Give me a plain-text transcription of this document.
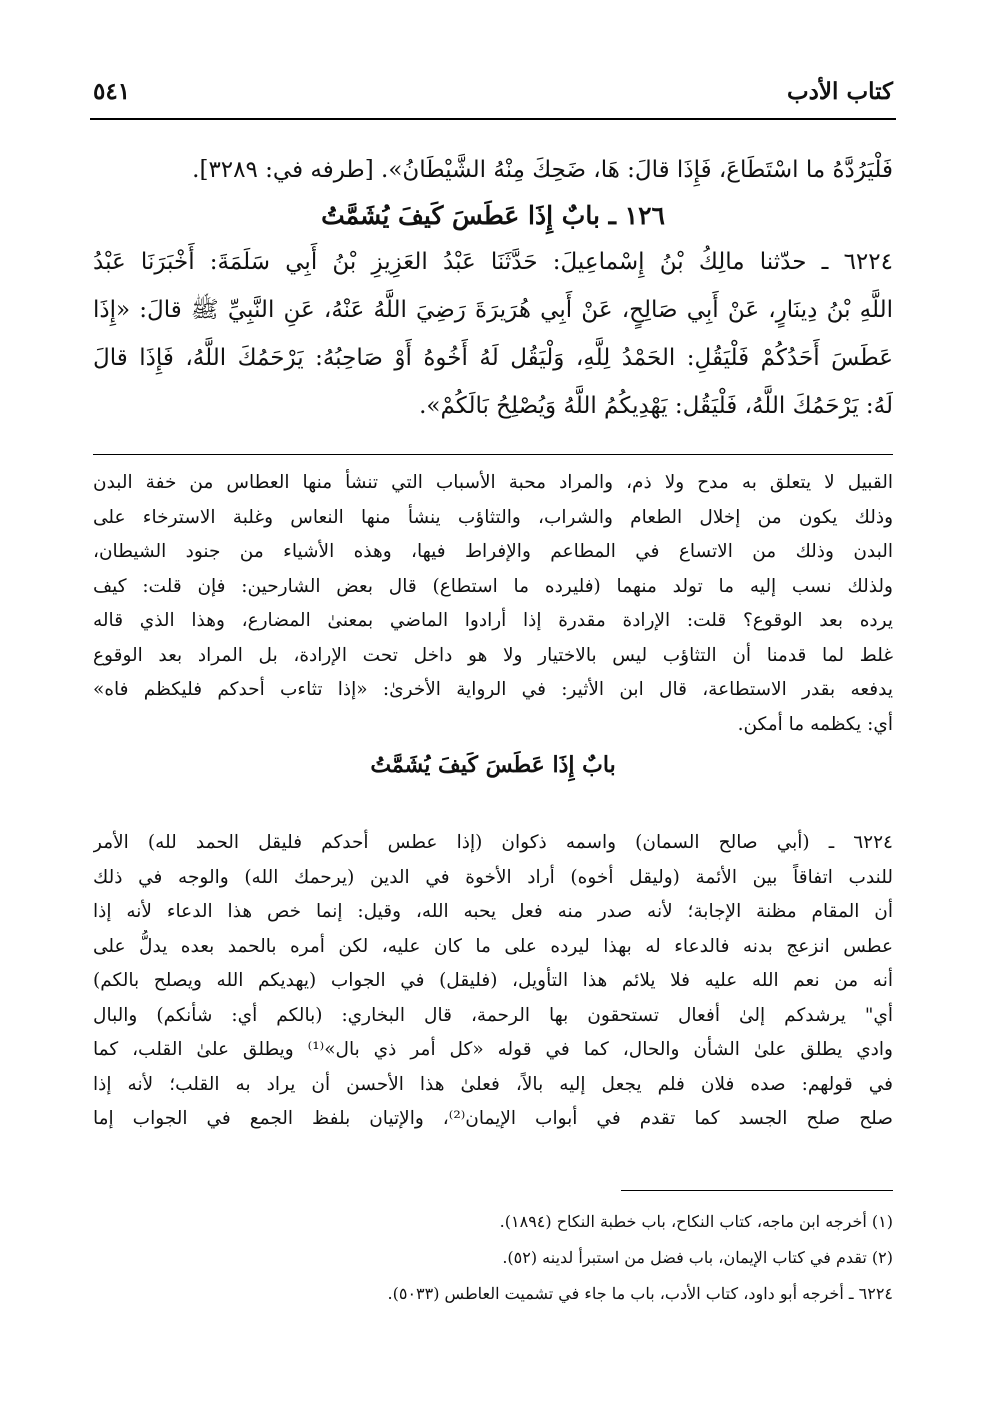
كتاب الأدب
٥٤١
فَلْيَرُدَّهُ ما اسْتَطَاعَ، فَإِذَا قالَ: هَا، ضَحِكَ مِنْهُ الشَّيْطَانُ». [طرفه في: ٣٢٨٩].
١٢٦ ـ بابٌ إِذَا عَطَسَ كَيفَ يُشَمَّتُ
٦٢٢٤ ـ حدّثنا مالِكُ بْنُ إِسْماعِيلَ: حَدَّثَنَا عَبْدُ العَزِيزِ بْنُ أَبِي سَلَمَةَ: أَخْبَرَنَا عَبْدُ
اللَّهِ بْنُ دِينَارٍ، عَنْ أَبِي صَالِحٍ، عَنْ أَبِي هُرَيرَةَ رَضِيَ اللَّهُ عَنْهُ، عَنِ النَّبِيِّ ﷺ قالَ: «إِذَا
عَطَسَ أَحَدُكُمْ فَلْيَقُلِ: الحَمْدُ لِلَّهِ، وَلْيَقُل لَهُ أَخُوهُ أَوْ صَاحِبُهُ: يَرْحَمُكَ اللَّهُ، فَإِذَا قالَ
لَهُ: يَرْحَمُكَ اللَّهُ، فَلْيَقُل: يَهْدِيكُمُ اللَّهُ وَيُصْلِحُ بَالَكُمْ».
القبيل لا يتعلق به مدح ولا ذم، والمراد محبة الأسباب التي تنشأ منها العطاس من خفة البدن
وذلك يكون من إخلال الطعام والشراب، والتثاؤب ينشأ منها النعاس وغلبة الاسترخاء على
البدن وذلك من الاتساع في المطاعم والإفراط فيها، وهذه الأشياء من جنود الشيطان،
ولذلك نسب إليه ما تولد منهما (فليرده ما استطاع) قال بعض الشارحين: فإن قلت: كيف
يرده بعد الوقوع؟ قلت: الإرادة مقدرة إذا أرادوا الماضي بمعنىٰ المضارع، وهذا الذي قاله
غلط لما قدمنا أن التثاؤب ليس بالاختيار ولا هو داخل تحت الإرادة، بل المراد بعد الوقوع
يدفعه بقدر الاستطاعة، قال ابن الأثير: في الرواية الأخرىٰ: «إذا تثاءب أحدكم فليكظم فاه»
أي: يكظمه ما أمكن.
بابٌ إِذَا عَطَسَ كَيفَ يُشَمَّتُ
٦٢٢٤ ـ (أبي صالح السمان) واسمه ذكوان (إذا عطس أحدكم فليقل الحمد لله) الأمر
للندب اتفاقاً بين الأئمة (وليقل أخوه) أراد الأخوة في الدين (يرحمك الله) والوجه في ذلك
أن المقام مظنة الإجابة؛ لأنه صدر منه فعل يحبه الله، وقيل: إنما خص هذا الدعاء لأنه إذا
عطس انزعج بدنه فالدعاء له بهذا ليرده على ما كان عليه، لكن أمره بالحمد بعده يدلُّ على
أنه من نعم الله عليه فلا يلائم هذا التأويل، (فليقل) في الجواب (يهديكم الله ويصلح بالكم)
أي" يرشدكم إلىٰ أفعال تستحقون بها الرحمة، قال البخاري: (بالكم أي: شأنكم) والبال
وادي يطلق علىٰ الشأن والحال، كما في قوله «كل أمر ذي بال»⁽¹⁾ ويطلق علىٰ القلب، كما
في قولهم: صده فلان فلم يجعل إليه بالاً، فعلىٰ هذا الأحسن أن يراد به القلب؛ لأنه إذا
صلح صلح الجسد كما تقدم في أبواب الإيمان⁽²⁾، والإتيان بلفظ الجمع في الجواب إما
(١) أخرجه ابن ماجه، كتاب النكاح، باب خطبة النكاح (١٨٩٤).
(٢) تقدم في كتاب الإيمان، باب فضل من استبرأ لدينه (٥٢).
٦٢٢٤ ـ أخرجه أبو داود، كتاب الأدب، باب ما جاء في تشميت العاطس (٥٠٣٣).
